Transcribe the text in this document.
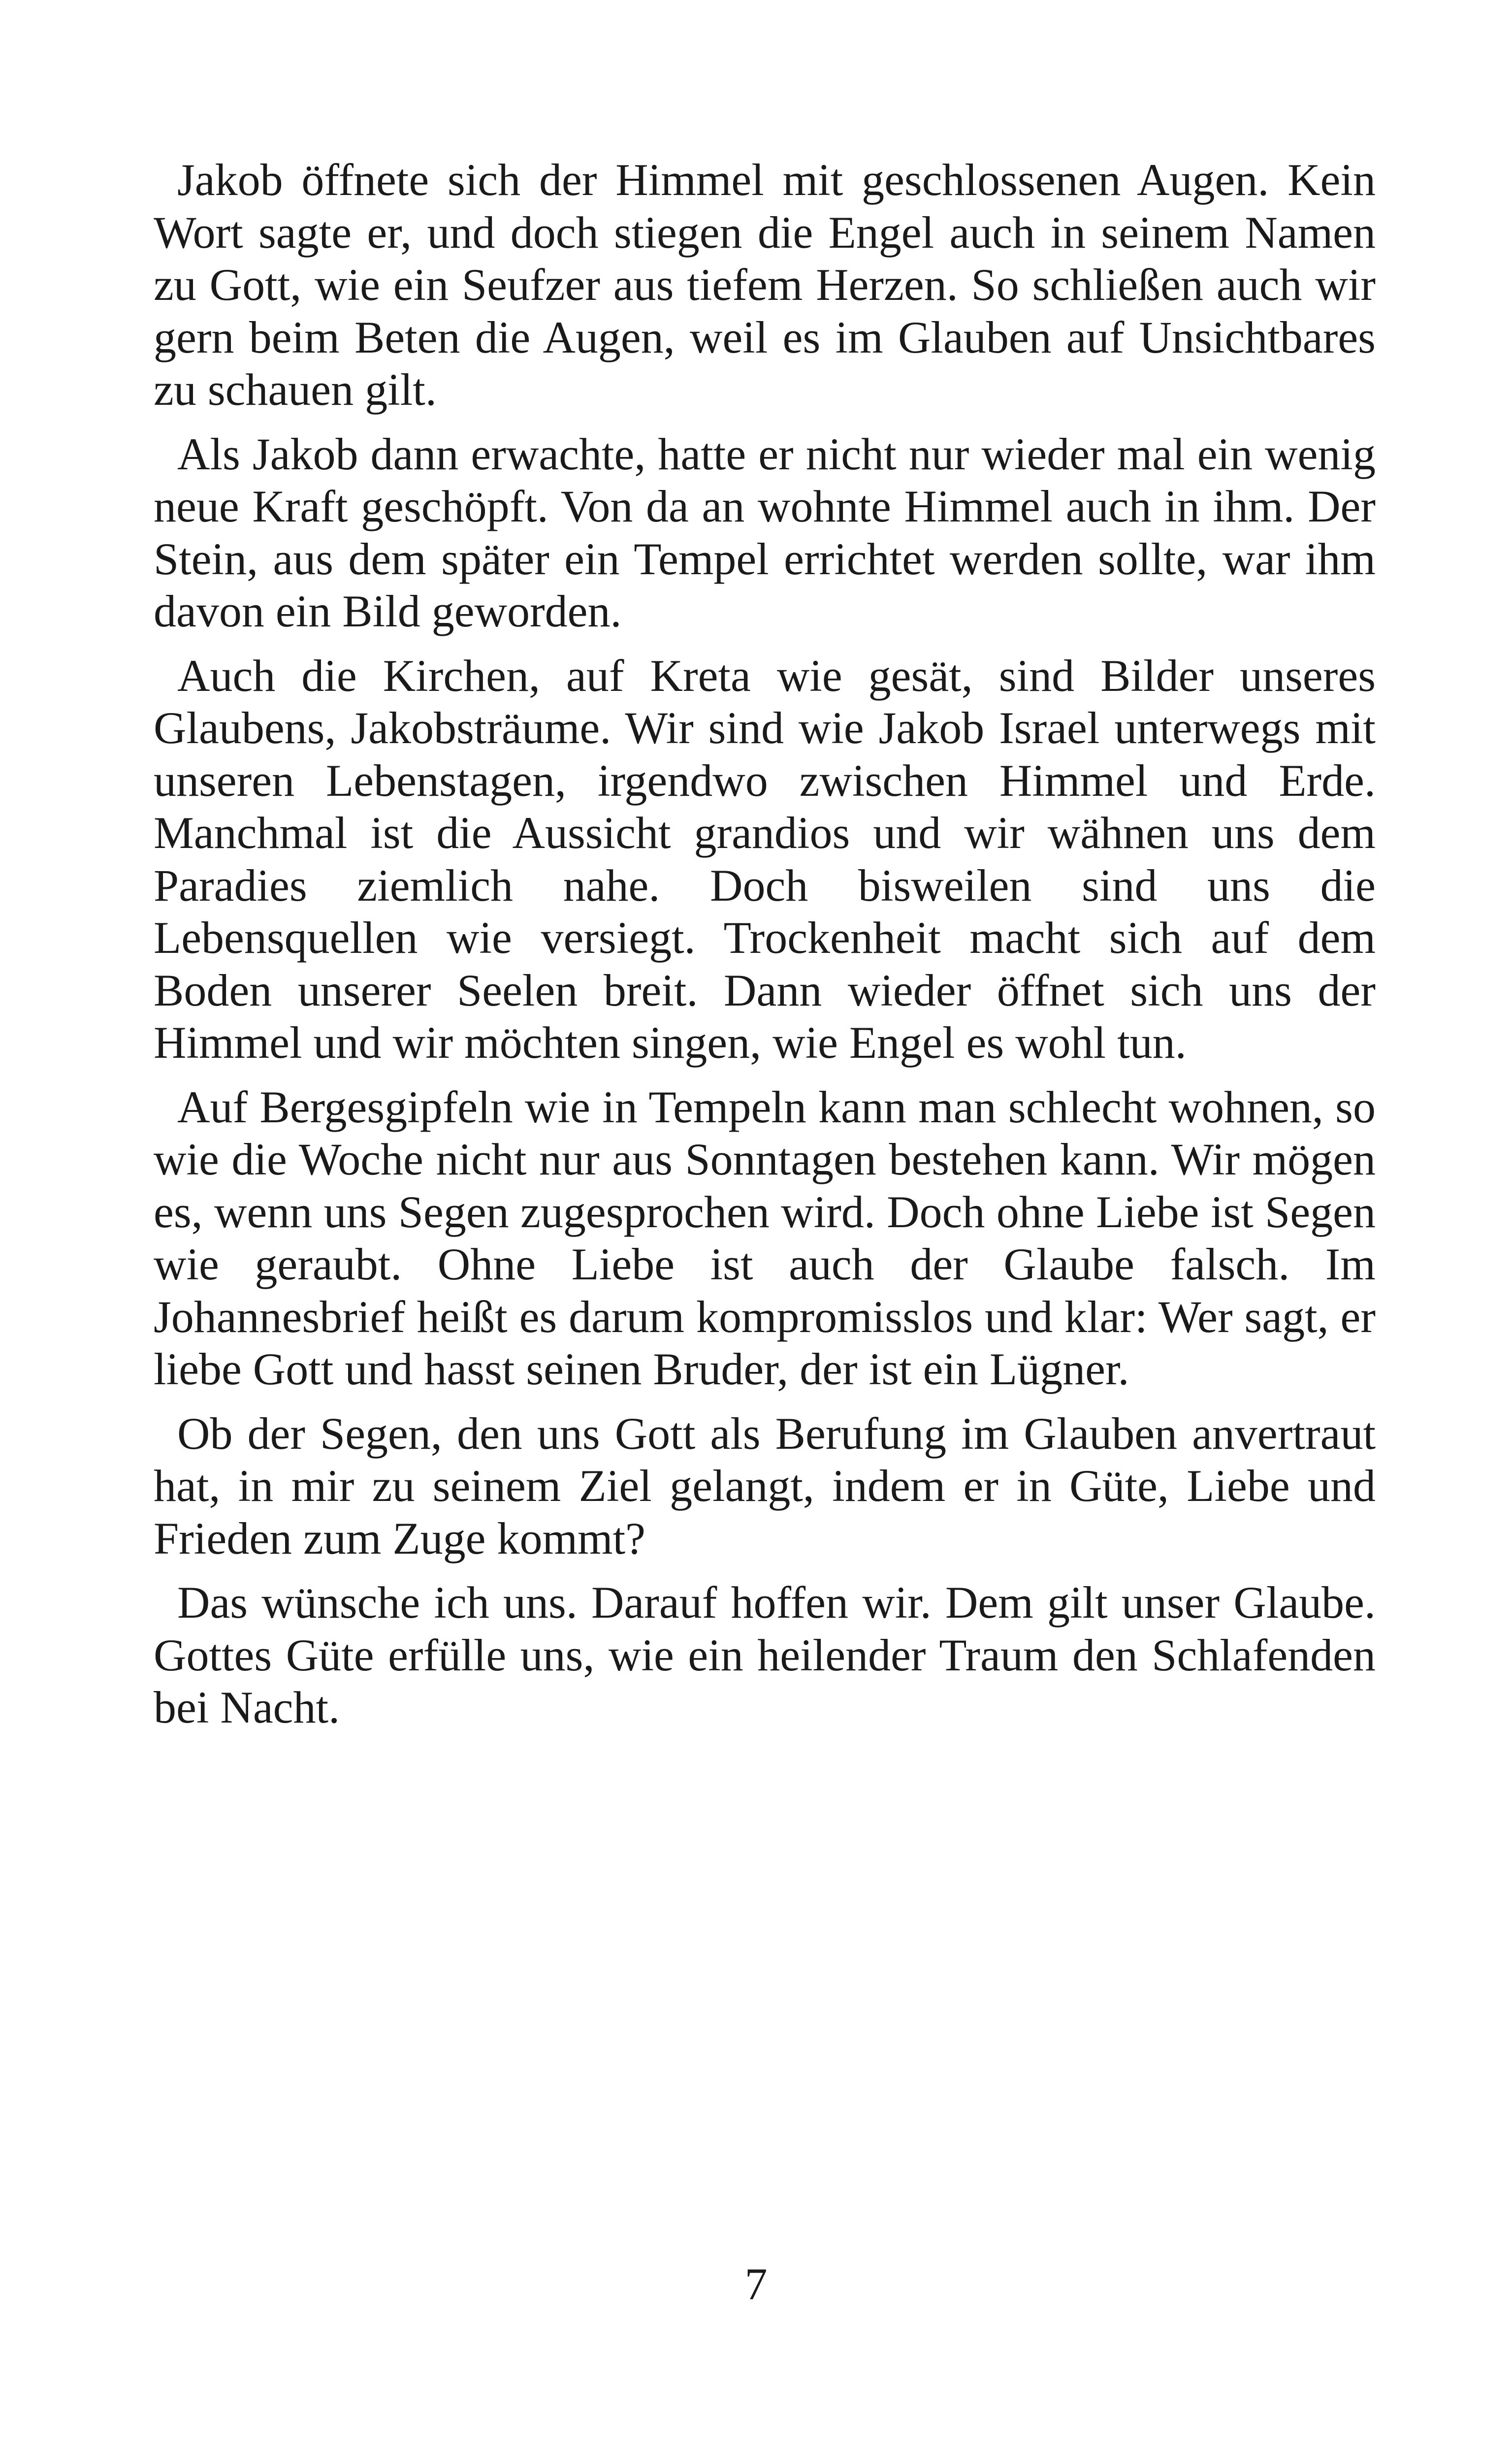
Jakob öffnete sich der Himmel mit geschlossenen Augen. Kein Wort sagte er, und doch stiegen die Engel auch in seinem Namen zu Gott, wie ein Seufzer aus tiefem Herzen. So schließen auch wir gern beim Beten die Augen, weil es im Glauben auf Unsichtbares zu schauen gilt.

Als Jakob dann erwachte, hatte er nicht nur wieder mal ein wenig neue Kraft geschöpft. Von da an wohnte Himmel auch in ihm. Der Stein, aus dem später ein Tempel errichtet werden sollte, war ihm davon ein Bild geworden.

Auch die Kirchen, auf Kreta wie gesät, sind Bilder unseres Glaubens, Jakobsträume. Wir sind wie Jakob Israel unterwegs mit unseren Lebenstagen, irgendwo zwischen Himmel und Erde. Manchmal ist die Aussicht grandios und wir wähnen uns dem Paradies ziemlich nahe. Doch bisweilen sind uns die Lebensquellen wie versiegt. Trockenheit macht sich auf dem Boden unserer Seelen breit. Dann wieder öffnet sich uns der Himmel und wir möchten singen, wie Engel es wohl tun.

Auf Bergesgipfeln wie in Tempeln kann man schlecht wohnen, so wie die Woche nicht nur aus Sonntagen bestehen kann. Wir mögen es, wenn uns Segen zugesprochen wird. Doch ohne Liebe ist Segen wie geraubt. Ohne Liebe ist auch der Glaube falsch. Im Johannesbrief heißt es darum kompromisslos und klar: Wer sagt, er liebe Gott und hasst seinen Bruder, der ist ein Lügner.

Ob der Segen, den uns Gott als Berufung im Glauben anvertraut hat, in mir zu seinem Ziel gelangt, indem er in Güte, Liebe und Frieden zum Zuge kommt?

Das wünsche ich uns. Darauf hoffen wir. Dem gilt unser Glaube. Gottes Güte erfülle uns, wie ein heilender Traum den Schlafenden bei Nacht.

7
